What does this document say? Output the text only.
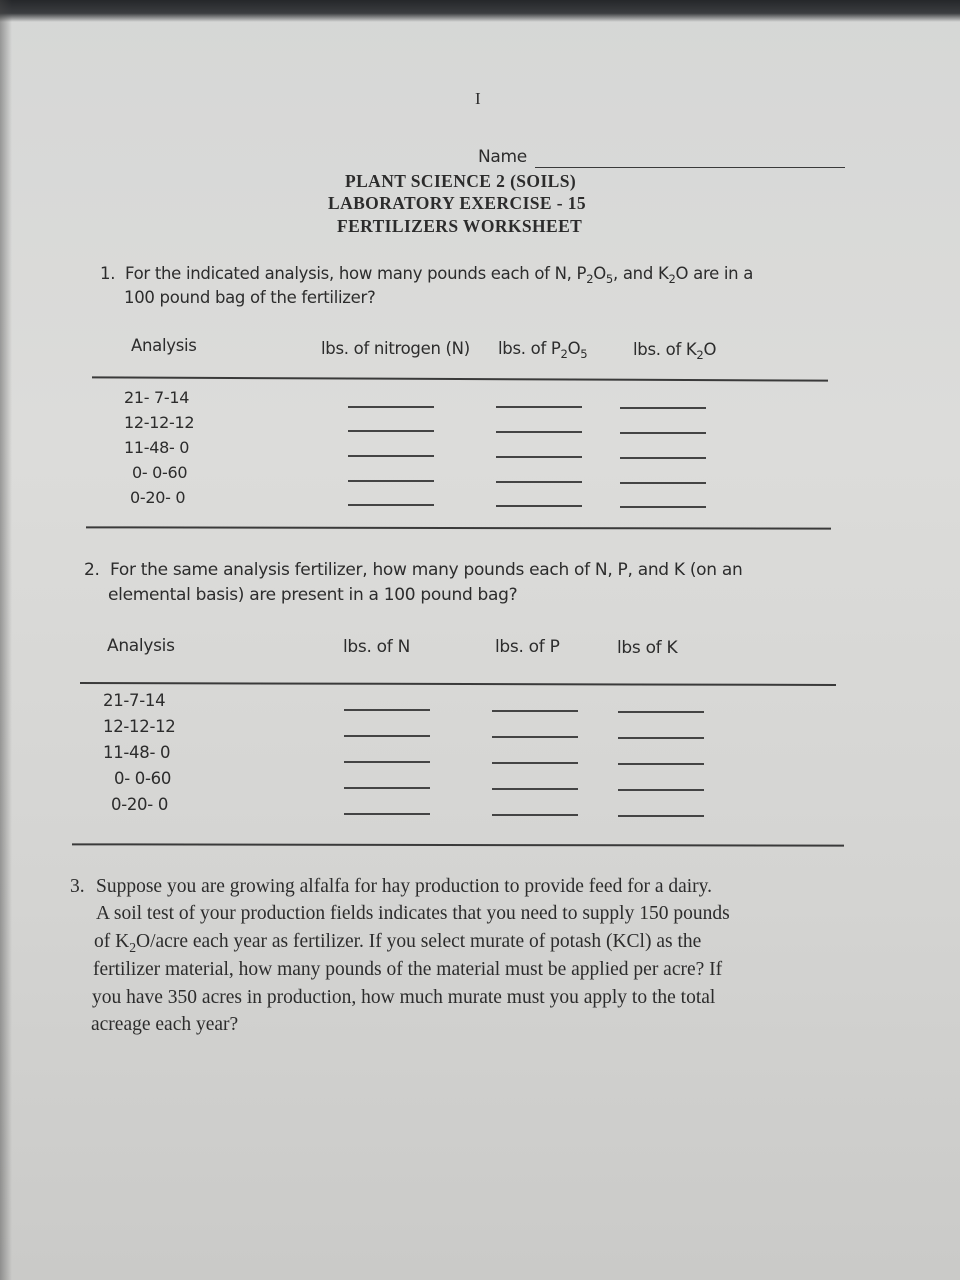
I
Name
PLANT SCIENCE 2 (SOILS)
LABORATORY EXERCISE - 15
FERTILIZERS WORKSHEET
1. For the indicated analysis, how many pounds each of N, $P_2O_5$, and $K_2O$ are in a
100 pound bag of the fertilizer?
Analysis	lbs. of nitrogen (N) lbs. of $P_2O_5$	lbs. of $K_2O$
21- 7-14
12-12-12
11-48- 0
0- 0-60
0-20- 0
2. For the same analysis fertilizer, how many pounds each of N, P, and K (on an
elemental basis) are present in a 100 pound bag?
Analysis	lbs. of N	lbs. of P	lbs of K
21-7-14
12-12-12
11-48- 0
0- 0-60
0-20- 0
3. Suppose you are growing alfalfa for hay production to provide feed for a dairy.
A soil test of your production fields indicates that you need to supply 150 pounds
of $K_2O$/acre each year as fertilizer. If you select murate of potash (KCl) as the
fertilizer material, how many pounds of the material must be applied per acre? If
you have 350 acres in production, how much murate must you apply to the total
acreage each year?
